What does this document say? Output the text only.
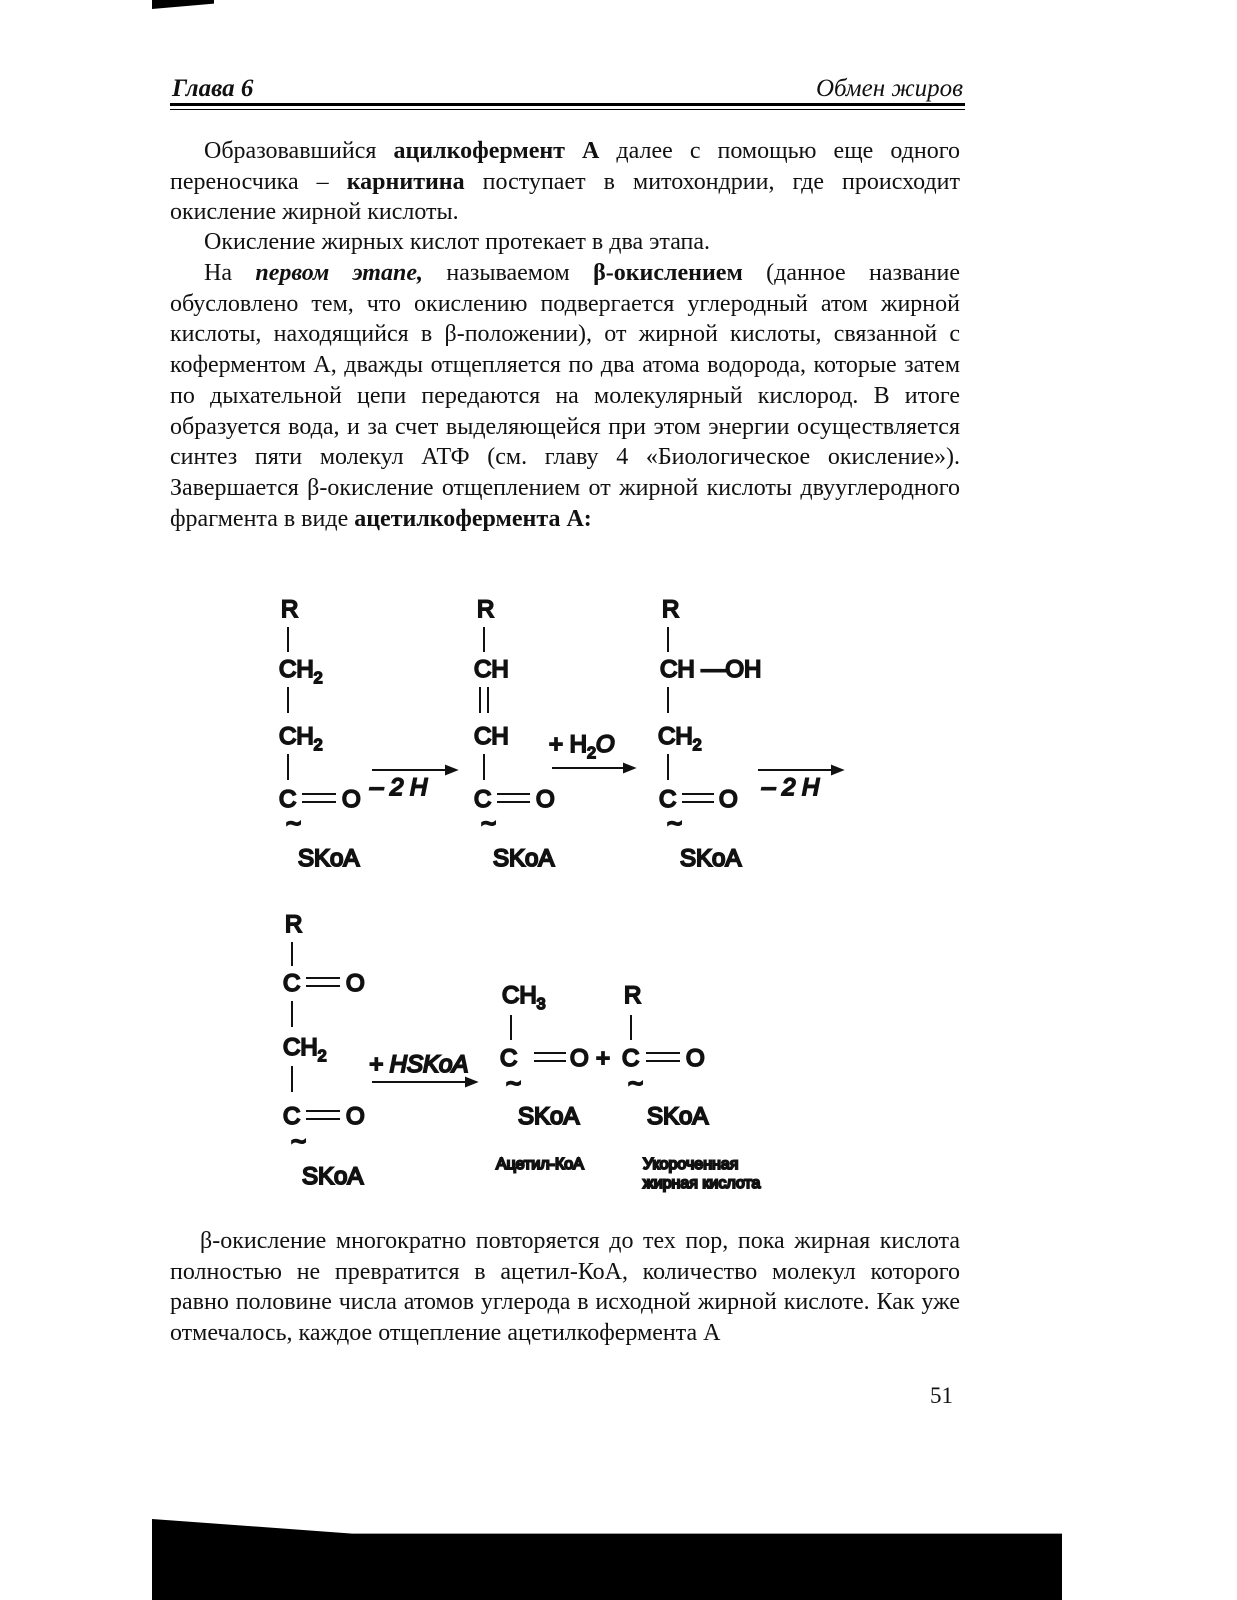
Глава 6	Обмен жиров

Образовавшийся ацилкофермент А далее с помощью еще одного переносчика – карнитина поступает в митохондрии, где происходит окисление жирной кислоты.

Окисление жирных кислот протекает в два этапа.

На первом этапе, называемом β-окислением (данное название обусловлено тем, что окислению подвергается углеродный атом жирной кислоты, находящийся в β-положении), от жирной кислоты, связанной с коферментом А, дважды отщепляется по два атома водорода, которые затем по дыхательной цепи передаются на молекулярный кислород. В итоге образуется вода, и за счет выделяющейся при этом энергии осуществляется синтез пяти молекул АТФ (см. главу 4 «Биологическое окисление»). Завершается β-окисление отщеплением от жирной кислоты двууглеродного фрагмента в виде ацетилкофермента А:

R
$CH_2$
$CH_2$
C O
~
SKoA
– 2 H
R
CH
CH
C O
~
SKoA
+ $H_2O$
R
CH —OH
$CH_2$
C O
~
SKoA
– 2 H
R
C O
$CH_2$
C O
~
SKoA
+ HSKoA
$CH_3$
C O +
~
SKoA
R
C O
~
SKoA
Ацетил-КоА	Укороченная
жирная кислота

β-окисление многократно повторяется до тех пор, пока жирная кислота полностью не превратится в ацетил-КоА, количество молекул которого равно половине числа атомов углерода в исходной жирной кислоте. Как уже отмечалось, каждое отщепление ацетилкофермента А

51
